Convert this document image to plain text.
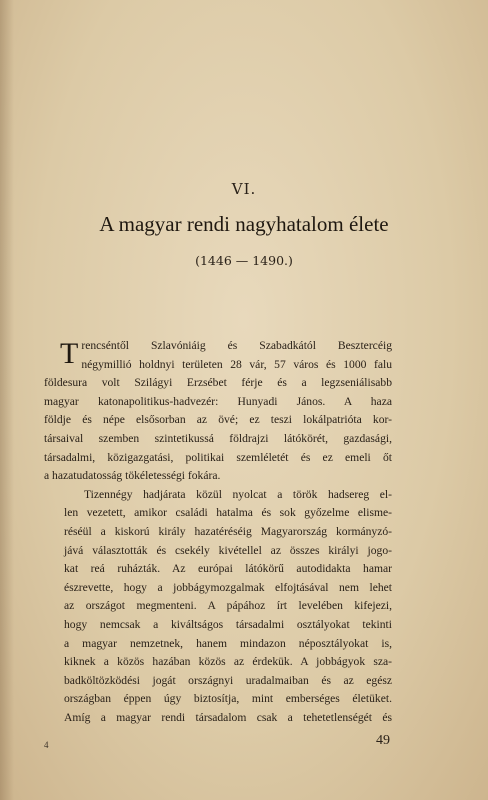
VI.
A magyar rendi nagyhatalom élete
(1446 — 1490.)
T rencséntől Szlavóniáig és Szabadkától Besztercéig
négymillió holdnyi területen 28 vár, 57 város és 1000 falu
földesura volt Szilágyi Erzsébet férje és a legzseniálisabb
magyar katonapolitikus-hadvezér: Hunyadi János. A haza
földje és népe elsősorban az övé; ez teszi lokálpatrióta kor-
társaival szemben szintetikussá földrajzi látókörét, gazdasági,
társadalmi, közigazgatási, politikai szemléletét és ez emeli őt
a hazatudatosság tökéletességi fokára.
Tizennégy hadjárata közül nyolcat a török hadsereg el-
len vezetett, amikor családi hatalma és sok győzelme elisme-
réséül a kiskorú király hazatéréséig Magyarország kormányzó-
jává választották és csekély kivétellel az összes királyi jogo-
kat reá ruházták. Az európai látókörű autodidakta hamar
észrevette, hogy a jobbágymozgalmak elfojtásával nem lehet
az országot megmenteni. A pápához írt levelében kifejezi,
hogy nemcsak a kiváltságos társadalmi osztályokat tekinti
a magyar nemzetnek, hanem mindazon néposztályokat is,
kiknek a közös hazában közös az érdekük. A jobbágyok sza-
badköltözködési jogát országnyi uradalmaiban és az egész
országban éppen úgy biztosítja, mint emberséges életüket.
Amíg a magyar rendi társadalom csak a tehetetlenségét és
4	49
